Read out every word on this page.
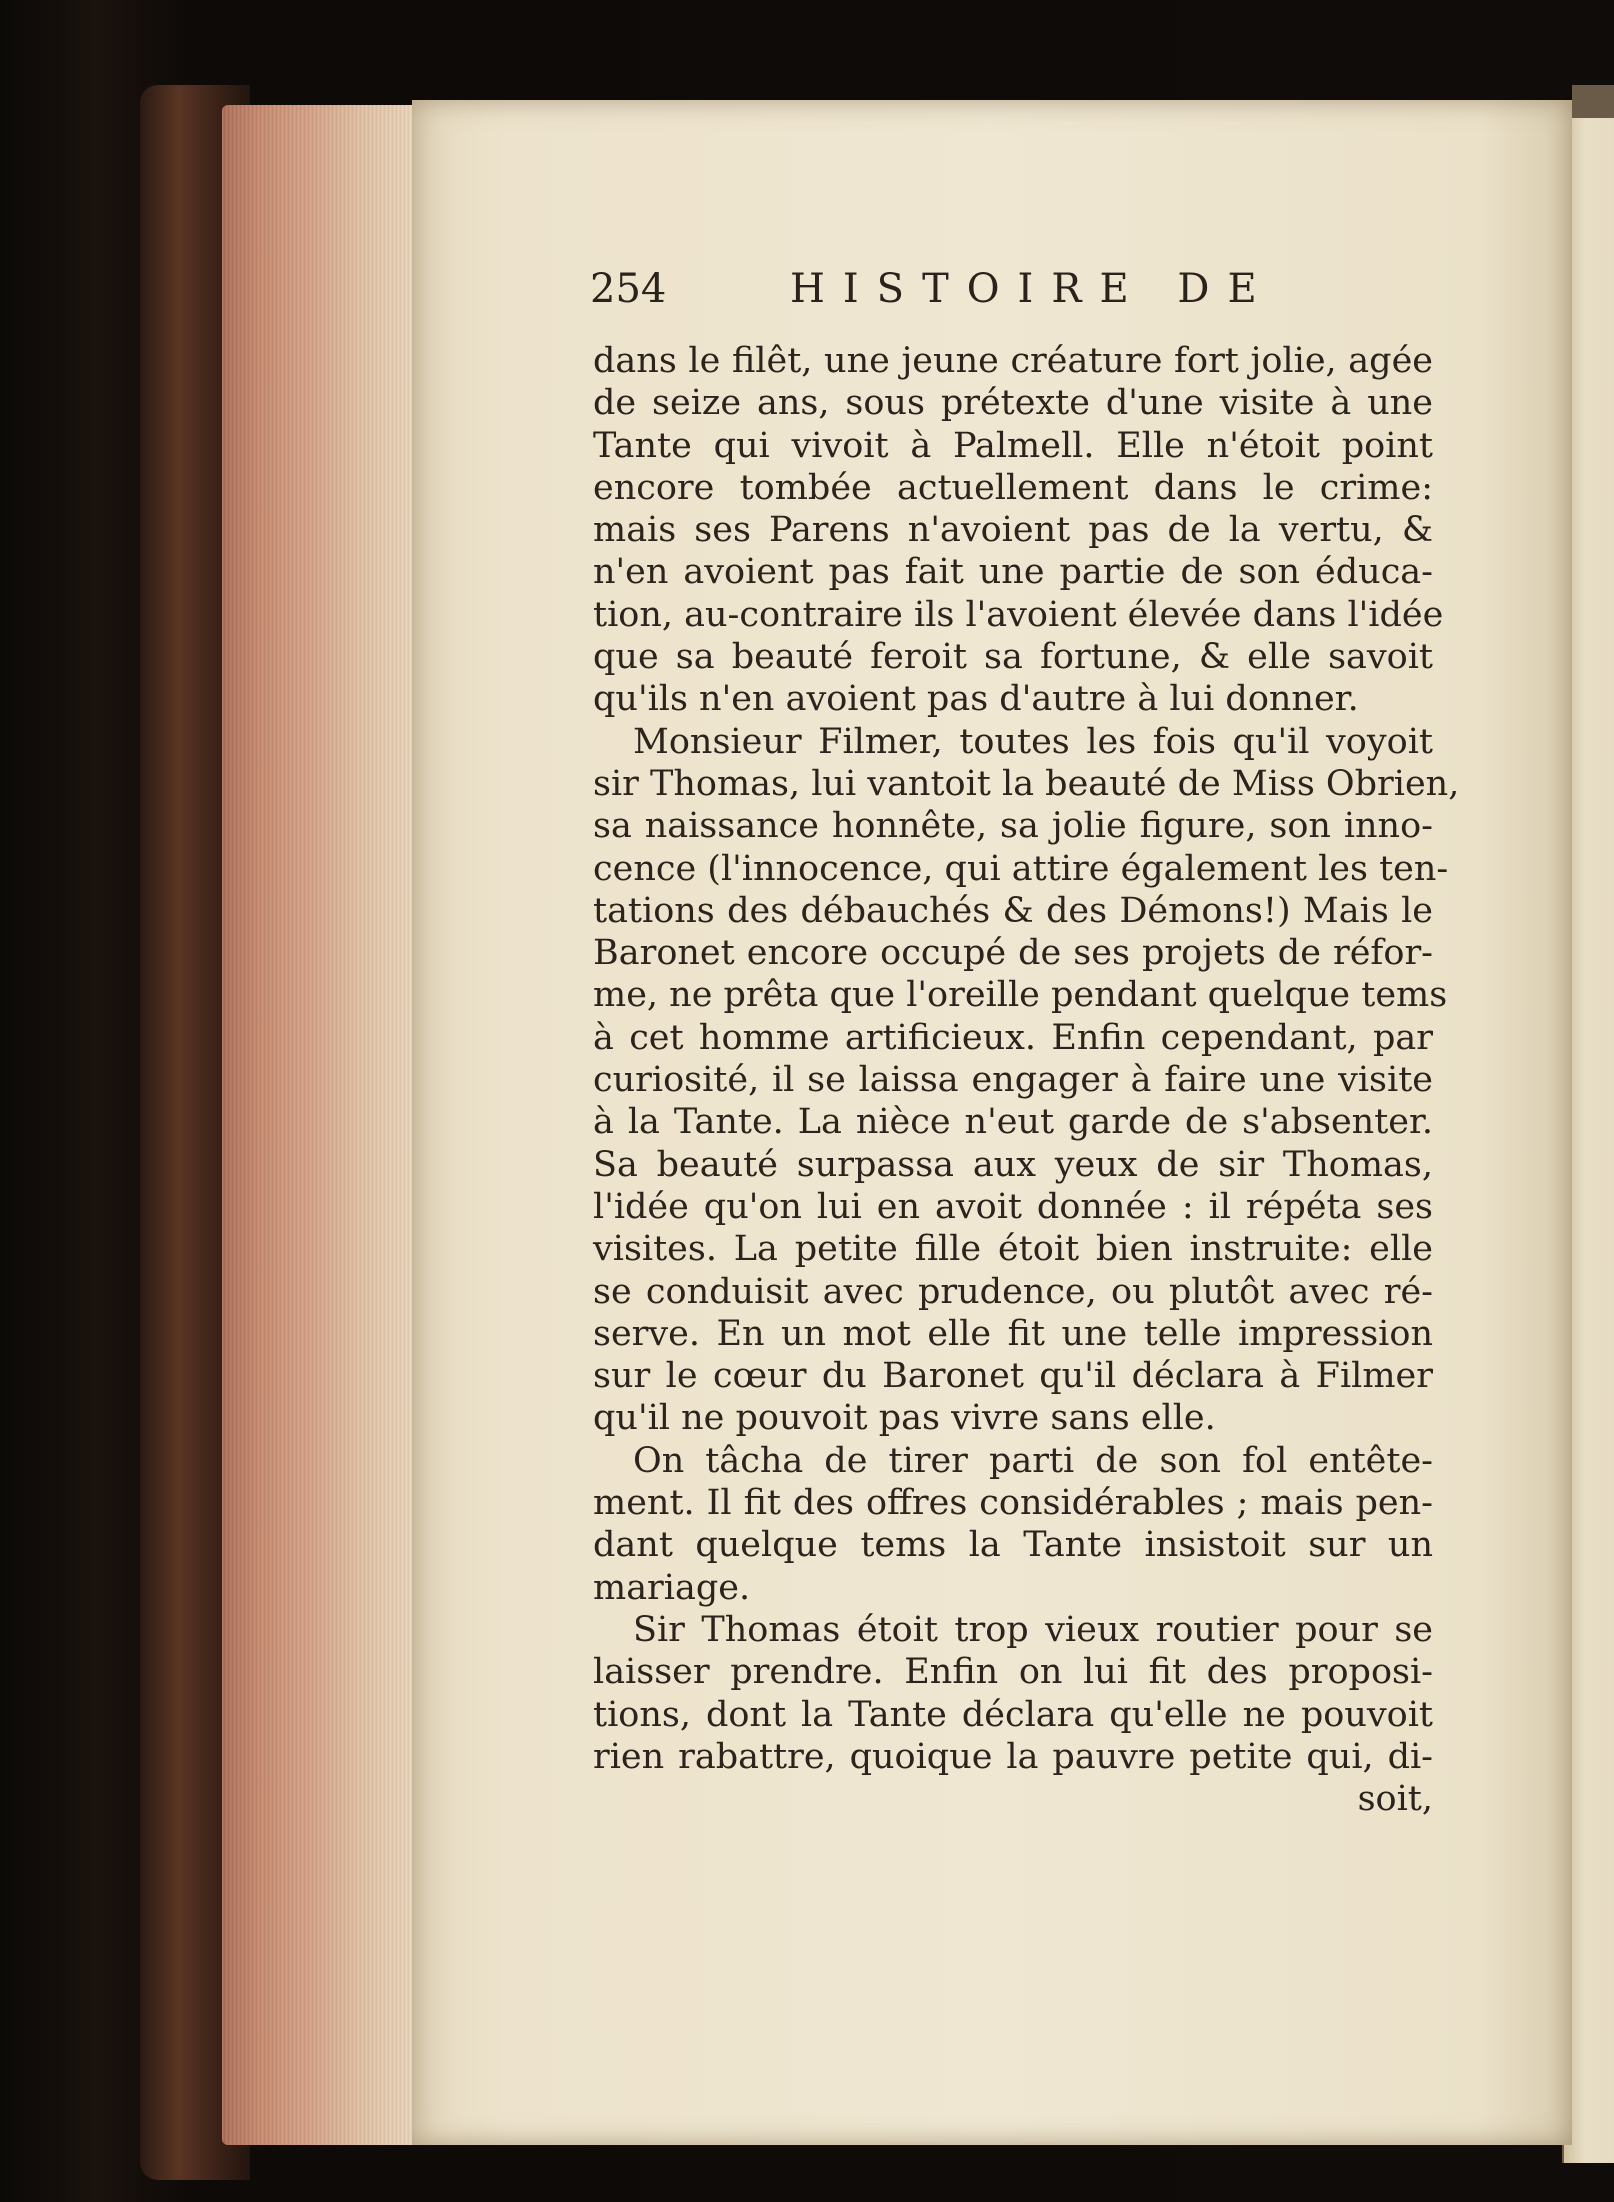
254	HISTOIRE DE
dans le filêt, une jeune créature fort jolie, agée
de seize ans, sous prétexte d'une visite à une
Tante qui vivoit à Palmell. Elle n'étoit point
encore tombée actuellement dans le crime:
mais ses Parens n'avoient pas de la vertu, &
n'en avoient pas fait une partie de son éduca-
tion, au-contraire ils l'avoient élevée dans l'idée
que sa beauté feroit sa fortune, & elle savoit
qu'ils n'en avoient pas d'autre à lui donner.
Monsieur Filmer, toutes les fois qu'il voyoit
sir Thomas, lui vantoit la beauté de Miss Obrien,
sa naissance honnête, sa jolie figure, son inno-
cence (l'innocence, qui attire également les ten-
tations des débauchés & des Démons!) Mais le
Baronet encore occupé de ses projets de réfor-
me, ne prêta que l'oreille pendant quelque tems
à cet homme artificieux. Enfin cependant, par
curiosité, il se laissa engager à faire une visite
à la Tante. La nièce n'eut garde de s'absenter.
Sa beauté surpassa aux yeux de sir Thomas,
l'idée qu'on lui en avoit donnée : il répéta ses
visites. La petite fille étoit bien instruite: elle
se conduisit avec prudence, ou plutôt avec ré-
serve. En un mot elle fit une telle impression
sur le cœur du Baronet qu'il déclara à Filmer
qu'il ne pouvoit pas vivre sans elle.
On tâcha de tirer parti de son fol entête-
ment. Il fit des offres considérables ; mais pen-
dant quelque tems la Tante insistoit sur un
mariage.
Sir Thomas étoit trop vieux routier pour se
laisser prendre. Enfin on lui fit des proposi-
tions, dont la Tante déclara qu'elle ne pouvoit
rien rabattre, quoique la pauvre petite qui, di-
soit,
